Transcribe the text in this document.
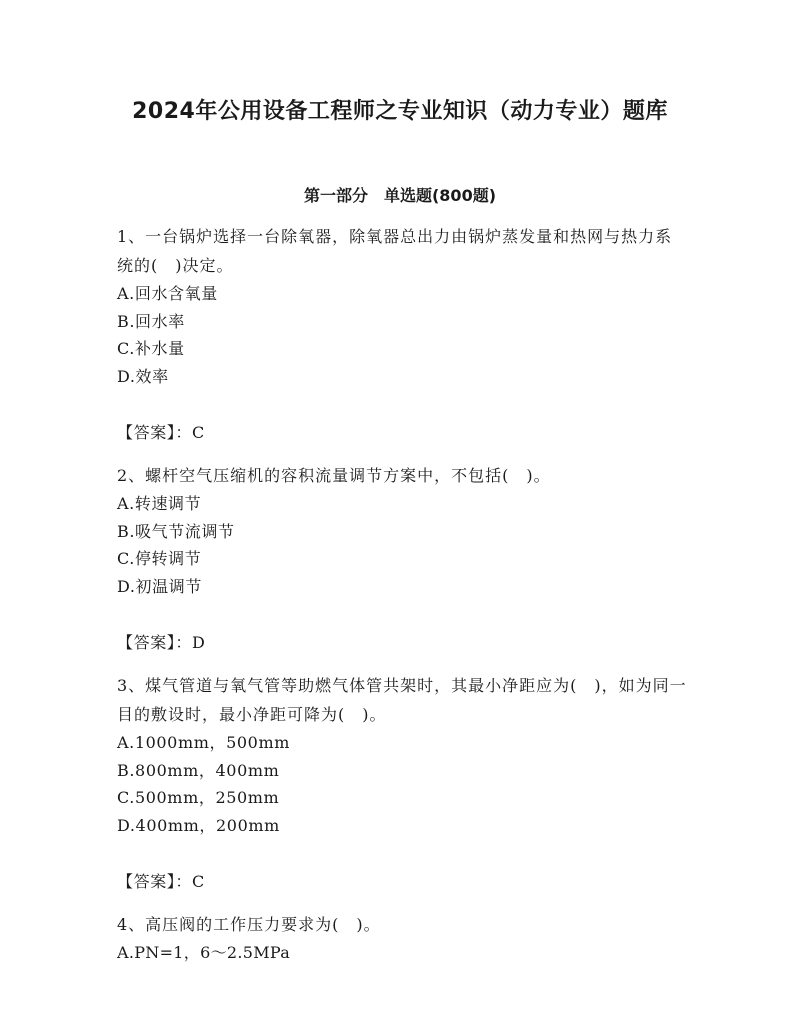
2024年公用设备工程师之专业知识（动力专业）题库
第一部分　单选题(800题)

1、一台锅炉选择一台除氧器，除氧器总出力由锅炉蒸发量和热网与热力系统的(　)决定。

A.回水含氧量

B.回水率

C.补水量

D.效率

【答案】：C

2、螺杆空气压缩机的容积流量调节方案中，不包括(　)。

A.转速调节

B.吸气节流调节

C.停转调节

D.初温调节

【答案】：D

3、煤气管道与氧气管等助燃气体管共架时，其最小净距应为(　)，如为同一目的敷设时，最小净距可降为(　)。

A.1000mm，500mm

B.800mm，400mm

C.500mm，250mm

D.400mm，200mm

【答案】：C

4、高压阀的工作压力要求为(　)。

A.PN=1，6～2.5MPa
